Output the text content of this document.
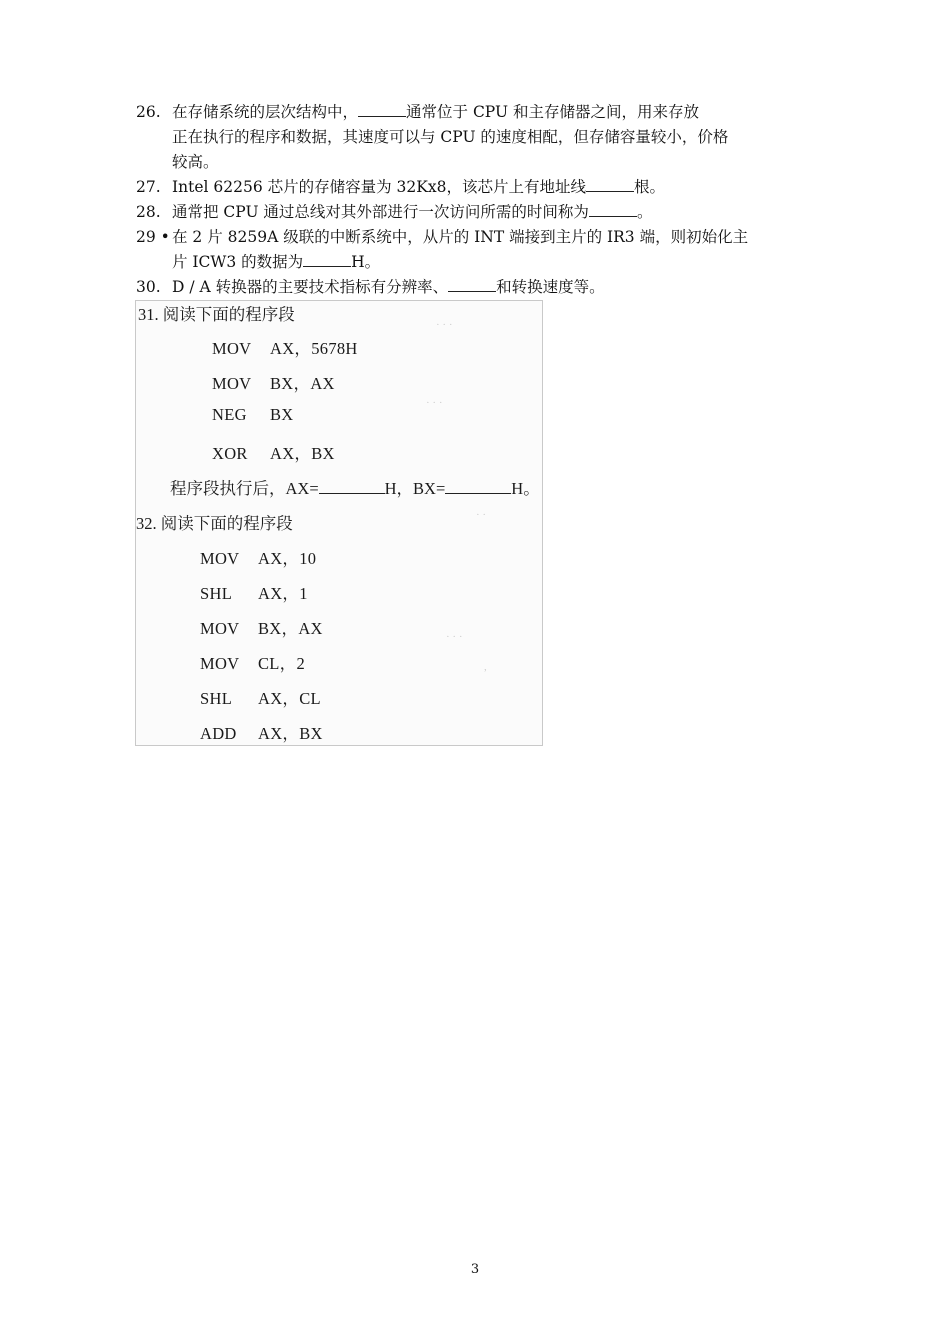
26. 在存储系统的层次结构中，	通常位于 CPU 和主存储器之间，用来存放
正在执行的程序和数据，其速度可以与 CPU 的速度相配，但存储容量较小，价格
较高。
27. Intel 62256 芯片的存储容量为 32Kx8，该芯片上有地址线	根。
28. 通常把 CPU 通过总线对其外部进行一次访问所需的时间称为	。
29 • 在 2 片 8259A 级联的中断系统中，从片的 INT 端接到主片的 IR3 端，则初始化主
片 ICW3 的数据为	H。
30. D / A 转换器的主要技术指标有分辨率、	和转换速度等。
· · ·
· · ·
· ·
· · ·
,
31. 阅读下面的程序段
MOV AX，5678H
MOV BX，AX
NEG BX
XOR AX，BX
程序段执行后，AX=	H，BX=	H。
32. 阅读下面的程序段
MOV AX，10
SHL AX，1
MOV BX，AX
MOV CL，2
SHL AX，CL
ADD AX，BX
3
